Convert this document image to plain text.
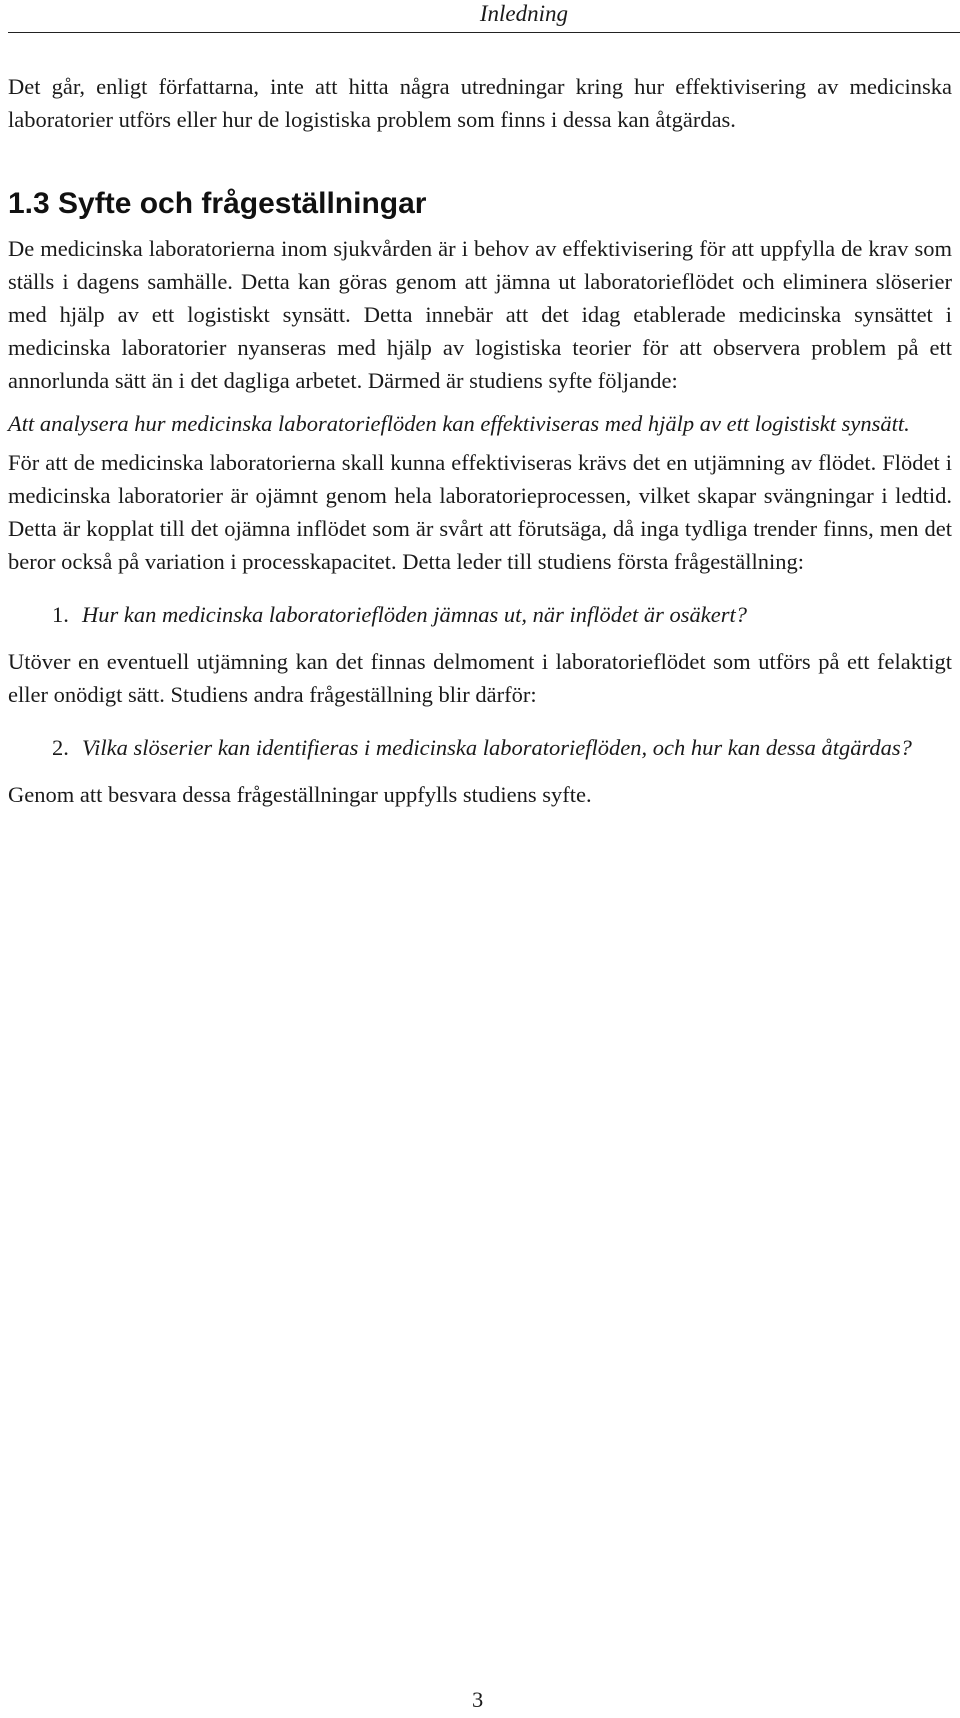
Inledning

Det går, enligt författarna, inte att hitta några utredningar kring hur effektivisering av medicinska laboratorier utförs eller hur de logistiska problem som finns i dessa kan åtgärdas.

1.3 Syfte och frågeställningar

De medicinska laboratorierna inom sjukvården är i behov av effektivisering för att uppfylla de krav som ställs i dagens samhälle. Detta kan göras genom att jämna ut laboratorieflödet och eliminera slöserier med hjälp av ett logistiskt synsätt. Detta innebär att det idag etablerade medicinska synsättet i medicinska laboratorier nyanseras med hjälp av logistiska teorier för att observera problem på ett annorlunda sätt än i det dagliga arbetet. Därmed är studiens syfte följande:

Att analysera hur medicinska laboratorieflöden kan effektiviseras med hjälp av ett logistiskt synsätt.

För att de medicinska laboratorierna skall kunna effektiviseras krävs det en utjämning av flödet. Flödet i medicinska laboratorier är ojämnt genom hela laboratorieprocessen, vilket skapar svängningar i ledtid. Detta är kopplat till det ojämna inflödet som är svårt att förutsäga, då inga tydliga trender finns, men det beror också på variation i processkapacitet. Detta leder till studiens första frågeställning:

1. Hur kan medicinska laboratorieflöden jämnas ut, när inflödet är osäkert?

Utöver en eventuell utjämning kan det finnas delmoment i laboratorieflödet som utförs på ett felaktigt eller onödigt sätt. Studiens andra frågeställning blir därför:

2. Vilka slöserier kan identifieras i medicinska laboratorieflöden, och hur kan dessa åtgärdas?

Genom att besvara dessa frågeställningar uppfylls studiens syfte.

3
